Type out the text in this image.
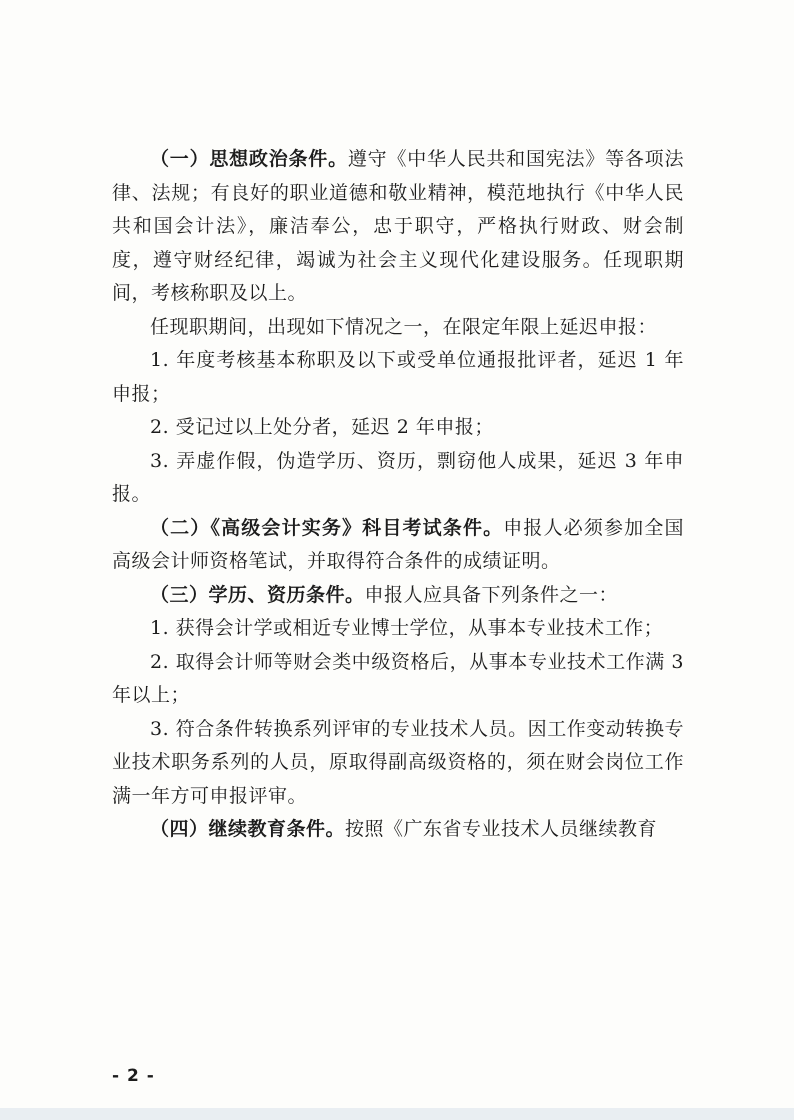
（一）思想政治条件。遵守《中华人民共和国宪法》等各项法律、法规；有良好的职业道德和敬业精神，模范地执行《中华人民共和国会计法》，廉洁奉公，忠于职守，严格执行财政、财会制度，遵守财经纪律，竭诚为社会主义现代化建设服务。任现职期间，考核称职及以上。

任现职期间，出现如下情况之一，在限定年限上延迟申报：

1. 年度考核基本称职及以下或受单位通报批评者，延迟 1 年申报；

2. 受记过以上处分者，延迟 2 年申报；

3. 弄虚作假，伪造学历、资历，剽窃他人成果，延迟 3 年申报。

（二）《高级会计实务》科目考试条件。申报人必须参加全国高级会计师资格笔试，并取得符合条件的成绩证明。

（三）学历、资历条件。申报人应具备下列条件之一：

1. 获得会计学或相近专业博士学位，从事本专业技术工作；

2. 取得会计师等财会类中级资格后，从事本专业技术工作满 3 年以上；

3. 符合条件转换系列评审的专业技术人员。因工作变动转换专业技术职务系列的人员，原取得副高级资格的，须在财会岗位工作满一年方可申报评审。

（四）继续教育条件。按照《广东省专业技术人员继续教育

- 2 -
